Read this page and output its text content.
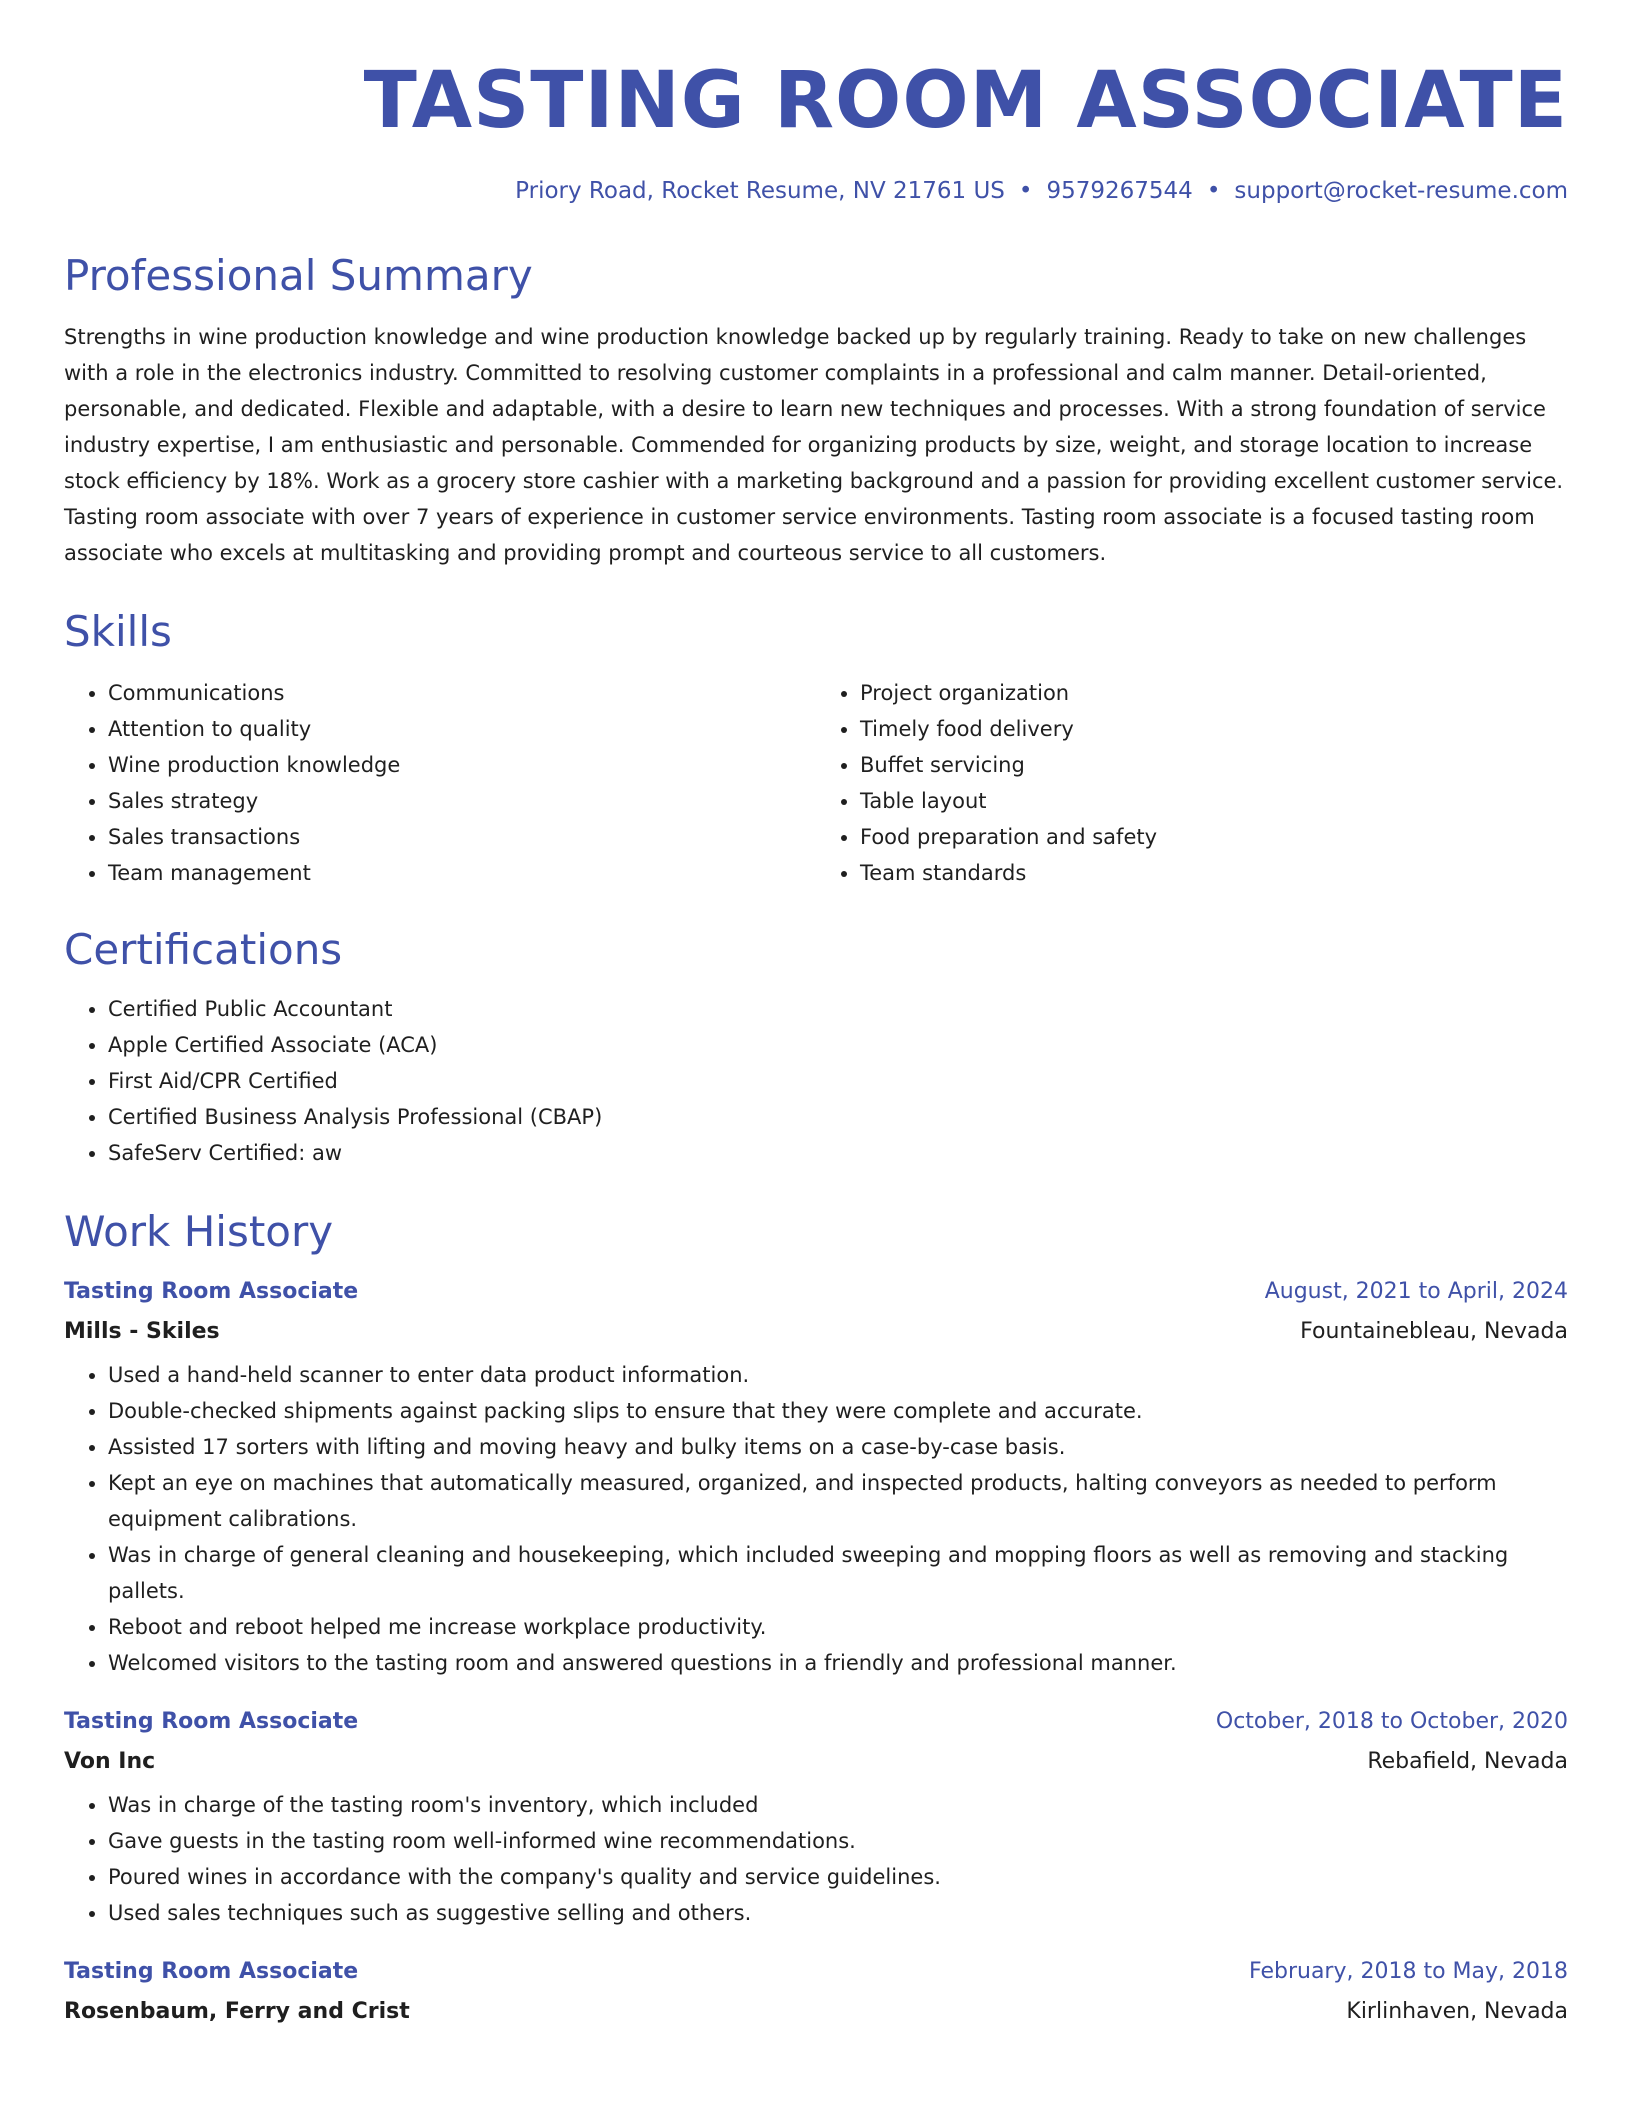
TASTING ROOM ASSOCIATE
Priory Road, Rocket Resume, NV 21761 US • 9579267544 • support@rocket-resume.com
Professional Summary
Strengths in wine production knowledge and wine production knowledge backed up by regularly training. Ready to take on new challenges with a role in the electronics industry. Committed to resolving customer complaints in a professional and calm manner. Detail-oriented, personable, and dedicated. Flexible and adaptable, with a desire to learn new techniques and processes. With a strong foundation of service industry expertise, I am enthusiastic and personable. Commended for organizing products by size, weight, and storage location to increase stock efficiency by 18%. Work as a grocery store cashier with a marketing background and a passion for providing excellent customer service. Tasting room associate with over 7 years of experience in customer service environments. Tasting room associate is a focused tasting room associate who excels at multitasking and providing prompt and courteous service to all customers.
Skills
• Communications
• Attention to quality
• Wine production knowledge
• Sales strategy
• Sales transactions
• Team management
• Project organization
• Timely food delivery
• Buffet servicing
• Table layout
• Food preparation and safety
• Team standards
Certifications
• Certified Public Accountant
• Apple Certified Associate (ACA)
• First Aid/CPR Certified
• Certified Business Analysis Professional (CBAP)
• SafeServ Certified: aw
Work History
Tasting Room Associate	August, 2021 to April, 2024
Mills - Skiles	Fountainebleau, Nevada
• Used a hand-held scanner to enter data product information.
• Double-checked shipments against packing slips to ensure that they were complete and accurate.
• Assisted 17 sorters with lifting and moving heavy and bulky items on a case-by-case basis.
• Kept an eye on machines that automatically measured, organized, and inspected products, halting conveyors as needed to perform equipment calibrations.
• Was in charge of general cleaning and housekeeping, which included sweeping and mopping floors as well as removing and stacking pallets.
• Reboot and reboot helped me increase workplace productivity.
• Welcomed visitors to the tasting room and answered questions in a friendly and professional manner.
Tasting Room Associate	October, 2018 to October, 2020
Von Inc	Rebafield, Nevada
• Was in charge of the tasting room's inventory, which included
• Gave guests in the tasting room well-informed wine recommendations.
• Poured wines in accordance with the company's quality and service guidelines.
• Used sales techniques such as suggestive selling and others.
Tasting Room Associate	February, 2018 to May, 2018
Rosenbaum, Ferry and Crist	Kirlinhaven, Nevada
